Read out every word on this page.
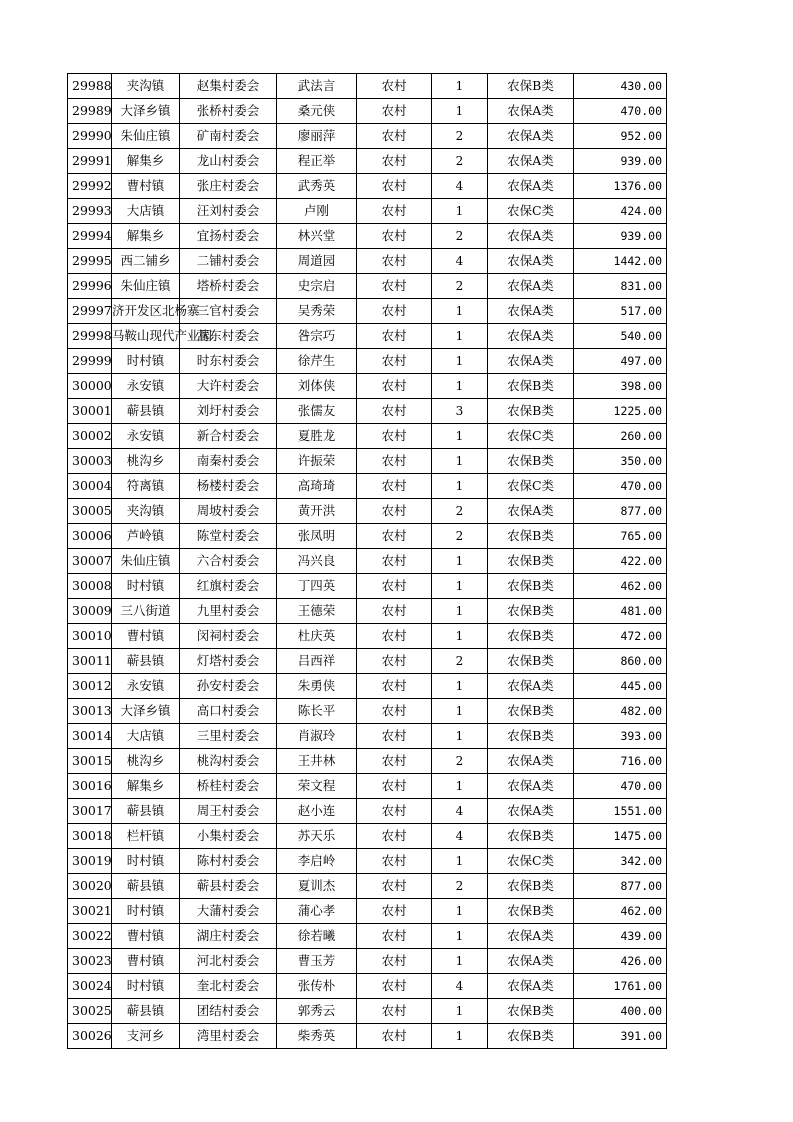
29988	夹沟镇	赵集村委会	武法言	农村	1	农保B类	430.00
29989	大泽乡镇	张桥村委会	桑元侠	农村	1	农保A类	470.00
29990	朱仙庄镇	矿南村委会	廖丽萍	农村	2	农保A类	952.00
29991	解集乡	龙山村委会	程正举	农村	2	农保A类	939.00
29992	曹村镇	张庄村委会	武秀英	农村	4	农保A类	1376.00
29993	大店镇	汪刘村委会	卢刚	农村	1	农保C类	424.00
29994	解集乡	宜扬村委会	林兴堂	农村	2	农保A类	939.00
29995	西二铺乡	二铺村委会	周道园	农村	4	农保A类	1442.00
29996	朱仙庄镇	塔桥村委会	史宗启	农村	2	农保A类	831.00
29997	济开发区北杨寨	三官村委会	吴秀荣	农村	1	农保A类	517.00
29998	马鞍山现代产业园	蒿东村委会	咎宗巧	农村	1	农保A类	540.00
29999	时村镇	时东村委会	徐芹生	农村	1	农保A类	497.00
30000	永安镇	大许村委会	刘体侠	农村	1	农保B类	398.00
30001	蕲县镇	刘圩村委会	张儒友	农村	3	农保B类	1225.00
30002	永安镇	新合村委会	夏胜龙	农村	1	农保C类	260.00
30003	桃沟乡	南秦村委会	许振荣	农村	1	农保B类	350.00
30004	符离镇	杨楼村委会	高琦琦	农村	1	农保C类	470.00
30005	夹沟镇	周坡村委会	黄开洪	农村	2	农保A类	877.00
30006	芦岭镇	陈堂村委会	张凤明	农村	2	农保B类	765.00
30007	朱仙庄镇	六合村委会	冯兴良	农村	1	农保B类	422.00
30008	时村镇	红旗村委会	丁四英	农村	1	农保B类	462.00
30009	三八街道	九里村委会	王德荣	农村	1	农保B类	481.00
30010	曹村镇	闵祠村委会	杜庆英	农村	1	农保B类	472.00
30011	蕲县镇	灯塔村委会	吕西祥	农村	2	农保B类	860.00
30012	永安镇	孙安村委会	朱勇侠	农村	1	农保A类	445.00
30013	大泽乡镇	高口村委会	陈长平	农村	1	农保B类	482.00
30014	大店镇	三里村委会	肖淑玲	农村	1	农保B类	393.00
30015	桃沟乡	桃沟村委会	王井林	农村	2	农保A类	716.00
30016	解集乡	桥桂村委会	荣文程	农村	1	农保A类	470.00
30017	蕲县镇	周王村委会	赵小连	农村	4	农保A类	1551.00
30018	栏杆镇	小集村委会	苏天乐	农村	4	农保B类	1475.00
30019	时村镇	陈村村委会	李启岭	农村	1	农保C类	342.00
30020	蕲县镇	蕲县村委会	夏训杰	农村	2	农保B类	877.00
30021	时村镇	大蒲村委会	蒲心孝	农村	1	农保B类	462.00
30022	曹村镇	湖庄村委会	徐若曦	农村	1	农保A类	439.00
30023	曹村镇	河北村委会	曹玉芳	农村	1	农保A类	426.00
30024	时村镇	奎北村委会	张传朴	农村	4	农保A类	1761.00
30025	蕲县镇	团结村委会	郭秀云	农村	1	农保B类	400.00
30026	支河乡	湾里村委会	柴秀英	农村	1	农保B类	391.00
